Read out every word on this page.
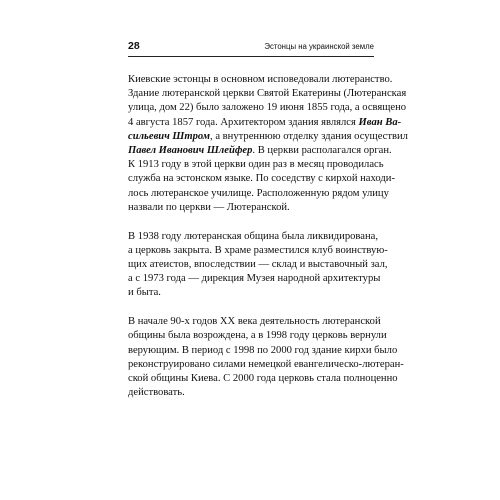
28	Эстонцы на украинской земле

Киевские эстонцы в основном исповедовали лютеранство.
Здание лютеранской церкви Святой Екатерины (Лютеранская
улица, дом 22) было заложено 19 июня 1855 года, а освящено
4 августа 1857 года. Архитектором здания являлся Иван Ва-
сильевич Штром, а внутреннюю отделку здания осуществил
Павел Иванович Шлейфер. В церкви располагался орган.
К 1913 году в этой церкви один раз в месяц проводилась
служба на эстонском языке. По соседству с кирхой находи-
лось лютеранское училище. Расположенную рядом улицу
назвали по церкви — Лютеранской.

В 1938 году лютеранская община была ликвидирована,
а церковь закрыта. В храме разместился клуб воинствую-
щих атеистов, впоследствии — склад и выставочный зал,
а с 1973 года — дирекция Музея народной архитектуры
и быта.

В начале 90-х годов XX века деятельность лютеранской
общины была возрождена, а в 1998 году церковь вернули
верующим. В период с 1998 по 2000 год здание кирхи было
реконструировано силами немецкой евангелическо-лютеран-
ской общины Киева. С 2000 года церковь стала полноценно
действовать.
